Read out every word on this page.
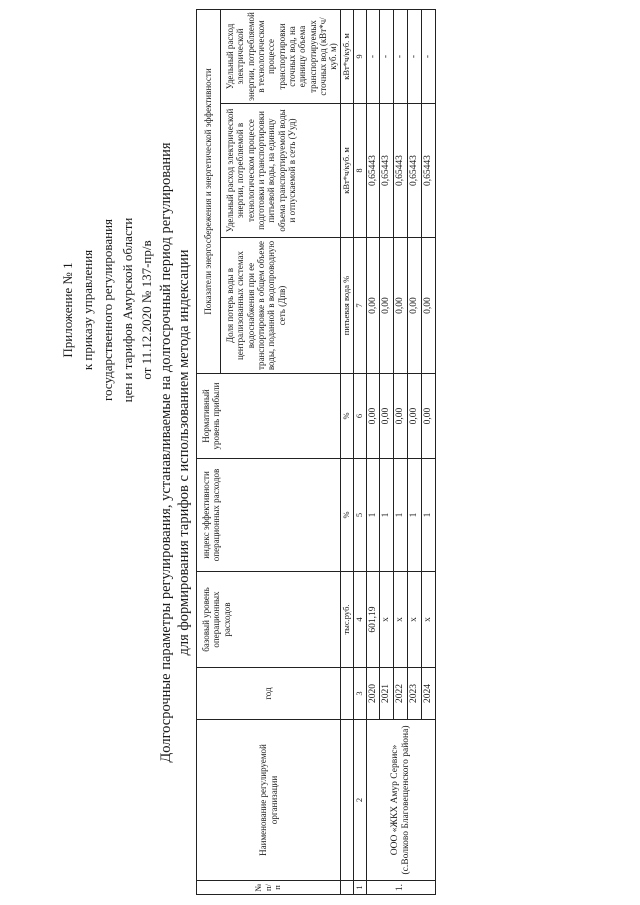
Приложение № 1 к приказу управления государственного регулирования цен и тарифов Амурской области от 11.12.2020 № 137-пр/в Долгосрочные параметры регулирования, устанавливаемые на долгосрочный период регулирования для формирования тарифов с использованием метода индексации
№ п/п	Наименование регулируемой организации	год	базовый уровень операционных расходов	индекс эффективности операционных расходов	Нормативный уровень прибыли	Показатели энергосбережения и энергетической эффективности		
						Доля потерь воды в централизованных системах водоснабжения при ее транспортировке в общем объеме воды, поданной в водопроводную сеть (Дпв)	Удельный расход электрической энергии, потребляемой в технологическом процессе подготовки и транспортировки питьевой воды, на единицу объема транспортируемой воды и отпускаемой в сеть (Ууд)	Удельный расход электрической энергии, потребляемой в технологическом процессе транспортировки сточных вод, на единицу объема транспортируемых сточных вод (кВт*ч/куб. м)
			тыс.руб.	%	%	питьевая вода %	кВт*ч/куб. м	кВт*ч/куб. м
1	2	3	4	5	6	7	8	9
1.	ООО «ЖКХ Амур Сервис» (с.Волково Благовещенского района)	2020	601,19	1	0,00	0,00	0,65443	-
		2021	x	1	0,00	0,00	0,65443	-
		2022	x	1	0,00	0,00	0,65443	-
		2023	x	1	0,00	0,00	0,65443	-
		2024	x	1	0,00	0,00	0,65443	-
